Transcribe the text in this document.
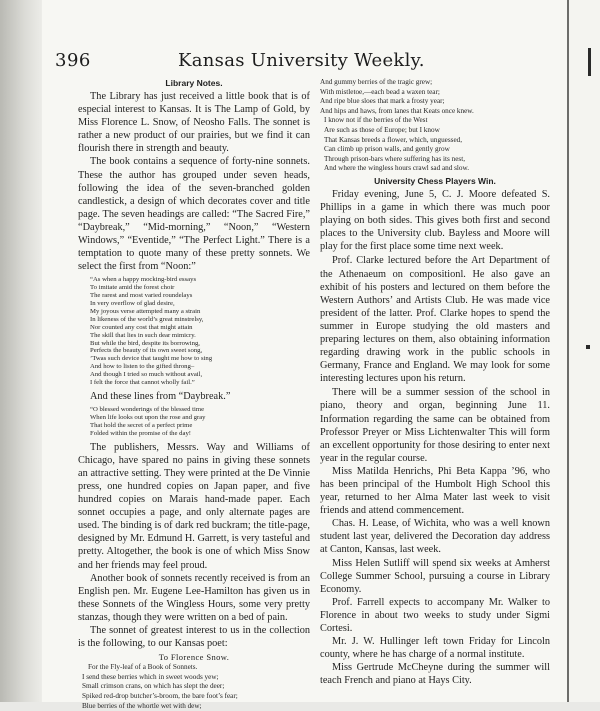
396	Kansas University Weekly.
Library Notes.

The Library has just received a little book that is of especial interest to Kansas. It is The Lamp of Gold, by Miss Florence L. Snow, of Neosho Falls. The sonnet is rather a new product of our prairies, but we find it can flourish there in strength and beauty.

The book contains a sequence of forty-nine sonnets. These the author has grouped under seven heads, following the idea of the seven-branched golden candlestick, a design of which decorates cover and title page. The seven headings are called: “The Sacred Fire,” “Daybreak,” “Mid-morning,” “Noon,” “Western Windows,” “Eventide,” “The Perfect Light.” There is a temptation to quote many of these pretty sonnets. We select the first from “Noon:”

“As when a happy mocking-bird essays
To imitate amid the forest choir
The rarest and most varied roundelays
In very overflow of glad desire,
My joyous verse attempted many a strain
In likeness of the world’s great minstrelsy,
Nor counted any cost that might attain
The skill that lies in such dear mimicry.
But while the bird, despite its borrowing,
Perfects the beauty of its own sweet song,
’Twas such device that taught me how to sing
And how to listen to the gifted throng–
And though I tried so much without avail,
I felt the force that cannot wholly fail.”

And these lines from “Daybreak.”

“O blessed wonderings of the blessed time
When life looks out upon the rose and gray
That hold the secret of a perfect prime
Folded within the promise of the day!

The publishers, Messrs. Way and Williams of Chicago, have spared no pains in giving these sonnets an attractive setting. They were printed at the De Vinnie press, one hundred copies on Japan paper, and five hundred copies on Marais hand-made paper. Each sonnet occupies a page, and only alternate pages are used. The binding is of dark red buckram; the title-page, designed by Mr. Edmund H. Garrett, is very tasteful and pretty. Altogether, the book is one of which Miss Snow and her friends may feel proud.

Another book of sonnets recently received is from an English pen. Mr. Eugene Lee-Hamilton has given us in these Sonnets of the Wingless Hours, some very pretty stanzas, though they were written on a bed of pain.

The sonnet of greatest interest to us in the collection is the following, to our Kansas poet:

To Florence Snow.
For the Fly-leaf of a Book of Sonnets.
I send these berries which in sweet woods yew;
Small crimson crans, on which has slept the deer;
Spiked red-drop butcher’s-broom, the bare foot’s fear;
Blue berries of the whortle wet with dew;
And gummy berries of the tragic grew;
With mistletoe,—each bead a waxen tear;
And ripe blue sloes that mark a frosty year;
And hips and haws, from lanes that Keats once knew.
I know not if the berries of the West
Are such as those of Europe; but I know
That Kansas breeds a flower, which, unguessed,
Can climb up prison walls, and gently grow
Through prison-bars where suffering has its nest,
And where the wingless hours crawl sad and slow.
University Chess Players Win.

Friday evening, June 5, C. J. Moore defeated S. Phillips in a game in which there was much poor playing on both sides. This gives both first and second places to the University club. Bayless and Moore will play for the first place some time next week.

Prof. Clarke lectured before the Art Department of the Athenaeum on compositionl. He also gave an exhibit of his posters and lectured on them before the Western Authors’ and Artists Club. He was made vice president of the latter. Prof. Clarke hopes to spend the summer in Europe studying the old masters and preparing lectures on them, also obtaining information regarding drawing work in the public schools in Germany, France and England. We may look for some interesting lectures upon his return.

There will be a summer session of the school in piano, theory and organ, beginning June 11. Information regarding the same can be obtained from Professor Preyer or Miss Lichtenwalter This will form an excellent opportunity for those desiring to enter next year in the regular course.

Miss Matilda Henrichs, Phi Beta Kappa ’96, who has been principal of the Humbolt High School this year, returned to her Alma Mater last week to visit friends and attend commencement.

Chas. H. Lease, of Wichita, who was a well known student last year, delivered the Decoration day address at Canton, Kansas, last week.

Miss Helen Sutliff will spend six weeks at Amherst College Summer School, pursuing a course in Library Economy.

Prof. Farrell expects to accompany Mr. Walker to Florence in about two weeks to study under Sigmi Cortesi.

Mr. J. W. Hullinger left town Friday for Lincoln county, where he has charge of a normal institute.

Miss Gertrude McCheyne during the summer will teach French and piano at Hays City.
